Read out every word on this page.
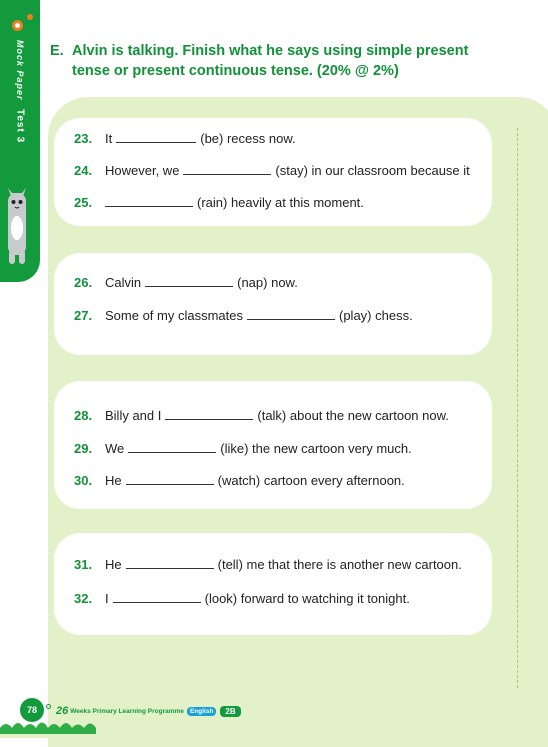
Mock Paper
Test 3
E. Alvin is talking. Finish what he says using simple present
tense or present continuous tense. (20% @ 2%)
23. It	(be) recess now.
24. However, we	(stay) in our classroom because it
25.	(rain) heavily at this moment.
26. Calvin	(nap) now.
27. Some of my classmates	(play) chess.
28. Billy and I	(talk) about the new cartoon now.
29. We	(like) the new cartoon very much.
30. He	(watch) cartoon every afternoon.
31. He	(tell) me that there is another new cartoon.
32. I	(look) forward to watching it tonight.
78	26 Weeks Primary Learning Programme English	2B
